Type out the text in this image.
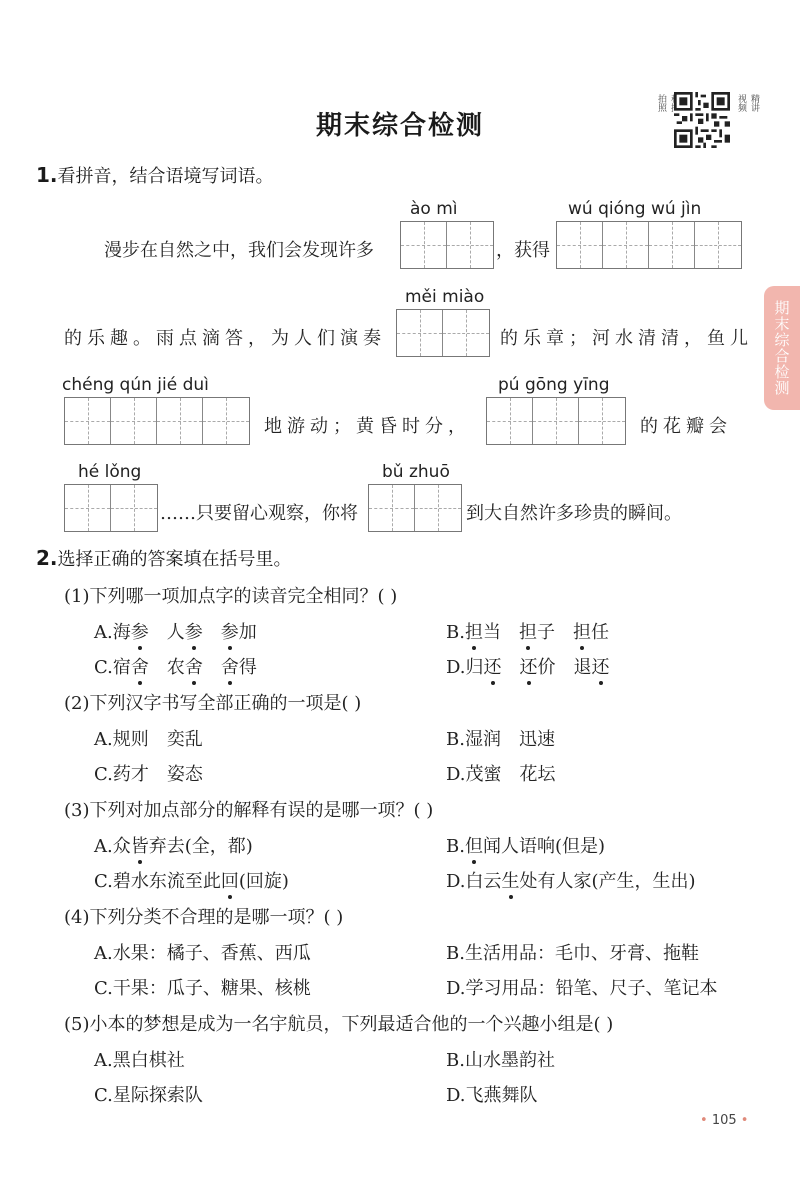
期末综合检测
拍照	视频 精讲
期末综合检测
1.看拼音，结合语境写词语。
ào mì	wú qióng wú jìn
漫步在自然之中，我们会发现许多	，获得
měi miào
的乐趣。雨点滴答，为人们演奏	的乐章；河水清清，鱼儿
chéng qún jié duì	pú gōng yīng
地游动；黄昏时分，	的花瓣会
hé lǒng	bǔ zhuō
……只要留心观察，你将	到大自然许多珍贵的瞬间。
2.选择正确的答案填在括号里。
(1)下列哪一项加点字的读音完全相同？( )
A.海参　人参　 参加	B.担当　担子　担任
C.宿舍　农舍　 舍得	D.归还　 还价　退还
(2)下列汉字书写全部正确的一项是( )
A.规则　奕乱	B.湿润　迅速
C.药才　姿态	D.茂蜜　花坛
(3)下列对加点部分的解释有误的是哪一项？( )
A.众皆弃去(全，都)	B.但闻人语响(但是)
C.碧水东流至此回(回旋)	D.白云生处有人家(产生，生出)
(4)下列分类不合理的是哪一项？( )
A.水果：橘子、香蕉、西瓜	B.生活用品：毛巾、牙膏、拖鞋
C.干果：瓜子、糖果、核桃	D.学习用品：铅笔、尺子、笔记本
(5)小本的梦想是成为一名宇航员，下列最适合他的一个兴趣小组是( )
A.黑白棋社	B.山水墨韵社
C.星际探索队	D.飞燕舞队
• 105 •
